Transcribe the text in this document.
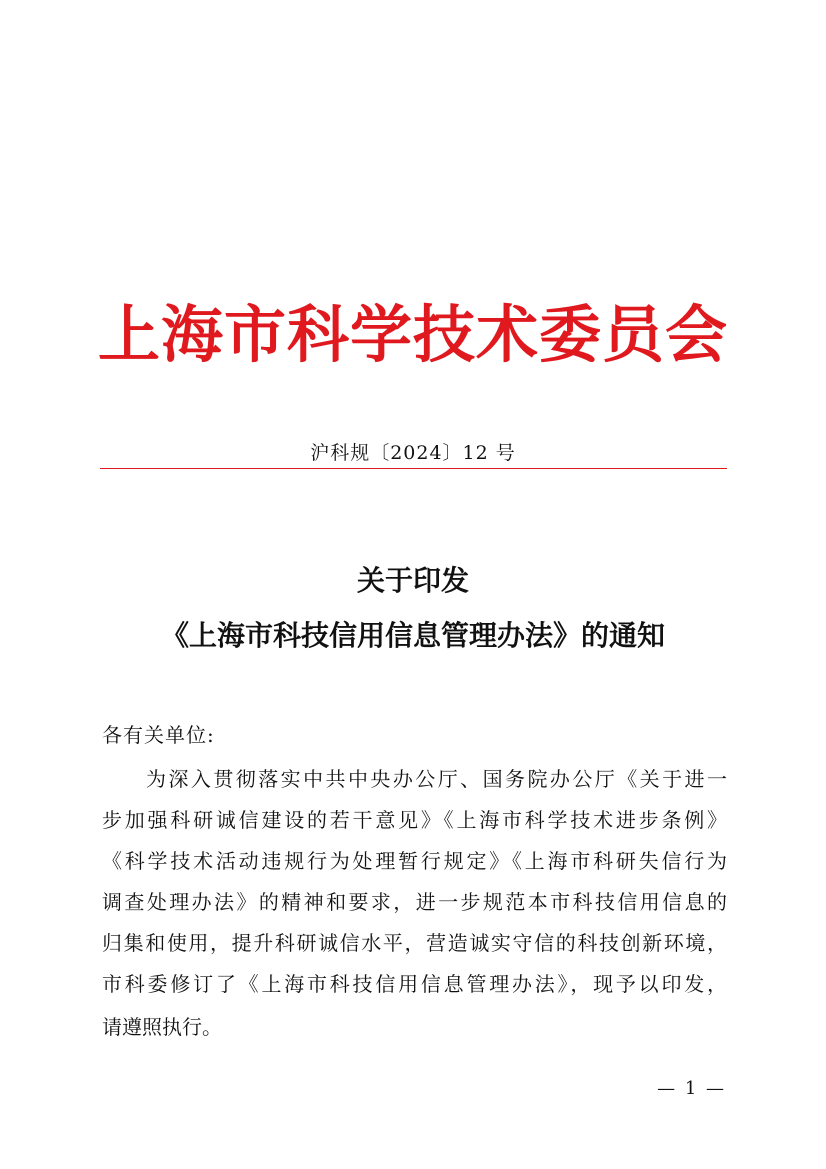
上海市科学技术委员会
沪科规〔2024〕12 号
关于印发
《上海市科技信用信息管理办法》的通知
各有关单位:
为深入贯彻落实中共中央办公厅、国务院办公厅《关于进一
步加强科研诚信建设的若干意见》《上海市科学技术进步条例》
《科学技术活动违规行为处理暂行规定》《上海市科研失信行为
调查处理办法》的精神和要求，进一步规范本市科技信用信息的
归集和使用，提升科研诚信水平，营造诚实守信的科技创新环境，
市科委修订了《上海市科技信用信息管理办法》，现予以印发，
请遵照执行。
— 1 —
